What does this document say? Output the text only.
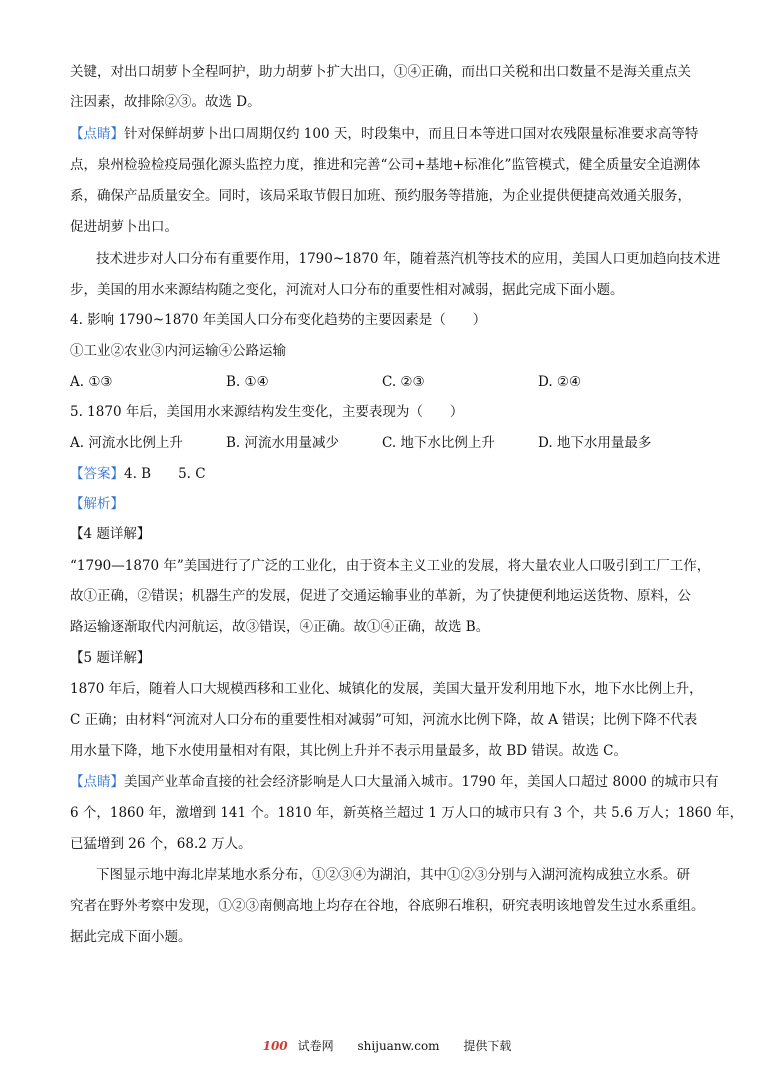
关键，对出口胡萝卜全程呵护，助力胡萝卜扩大出口，①④正确，而出口关税和出口数量不是海关重点关
注因素，故排除②③。故选 D。
【点睛】针对保鲜胡萝卜出口周期仅约 100 天，时段集中，而且日本等进口国对农残限量标准要求高等特
点，泉州检验检疫局强化源头监控力度，推进和完善“公司+基地+标准化”监管模式，健全质量安全追溯体
系，确保产品质量安全。同时，该局采取节假日加班、预约服务等措施，为企业提供便捷高效通关服务，
促进胡萝卜出口。
技术进步对人口分布有重要作用，1790~1870 年，随着蒸汽机等技术的应用，美国人口更加趋向技术进
步，美国的用水来源结构随之变化，河流对人口分布的重要性相对减弱，据此完成下面小题。
4. 影响 1790~1870 年美国人口分布变化趋势的主要因素是（　　）
①工业②农业③内河运输④公路运输
A. ①③	B. ①④	C. ②③	D. ②④
5. 1870 年后，美国用水来源结构发生变化，主要表现为（　　）
A. 河流水比例上升	B. 河流水用量减少	C. 地下水比例上升	D. 地下水用量最多
【答案】4. B　　5. C
【解析】
【4 题详解】
“1790—1870 年”美国进行了广泛的工业化，由于资本主义工业的发展，将大量农业人口吸引到工厂工作，
故①正确，②错误；机器生产的发展，促进了交通运输事业的革新，为了快捷便利地运送货物、原料，公
路运输逐渐取代内河航运，故③错误，④正确。故①④正确，故选 B。
【5 题详解】
1870 年后，随着人口大规模西移和工业化、城镇化的发展，美国大量开发利用地下水，地下水比例上升，
C 正确；由材料“河流对人口分布的重要性相对减弱”可知，河流水比例下降，故 A 错误；比例下降不代表
用水量下降，地下水使用量相对有限，其比例上升并不表示用量最多，故 BD 错误。故选 C。
【点睛】美国产业革命直接的社会经济影响是人口大量涌入城市。1790 年，美国人口超过 8000 的城市只有
6 个，1860 年，激增到 141 个。1810 年，新英格兰超过 1 万人口的城市只有 3 个，共 5.6 万人；1860 年，
已猛增到 26 个，68.2 万人。
下图显示地中海北岸某地水系分布，①②③④为湖泊，其中①②③分别与入湖河流构成独立水系。研
究者在野外考察中发现，①②③南侧高地上均存在谷地，谷底卵石堆积，研究表明该地曾发生过水系重组。
据此完成下面小题。
100 试卷网 shijuanw.com 提供下载
